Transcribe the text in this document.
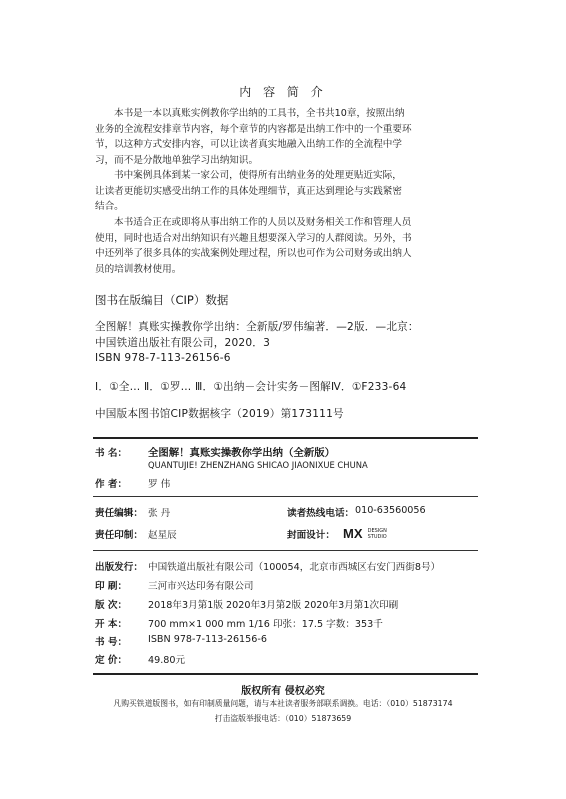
内 容 简 介
本书是一本以真账实例教你学出纳的工具书，全书共10章，按照出纳
业务的全流程安排章节内容，每个章节的内容都是出纳工作中的一个重要环
节，以这种方式安排内容，可以让读者真实地融入出纳工作的全流程中学
习，而不是分散地单独学习出纳知识。
书中案例具体到某一家公司，使得所有出纳业务的处理更贴近实际，
让读者更能切实感受出纳工作的具体处理细节，真正达到理论与实践紧密
结合。
本书适合正在或即将从事出纳工作的人员以及财务相关工作和管理人员
使用，同时也适合对出纳知识有兴趣且想要深入学习的人群阅读。另外，书
中还列举了很多具体的实战案例处理过程，所以也可作为公司财务或出纳人
员的培训教材使用。
图书在版编目（CIP）数据
全图解！真账实操教你学出纳：全新版/罗伟编著．—2版．—北京：
中国铁道出版社有限公司，2020．3
ISBN 978-7-113-26156-6
Ⅰ．①全… Ⅱ．①罗… Ⅲ．①出纳－会计实务－图解Ⅳ．①F233-64
中国版本图书馆CIP数据核字（2019）第173111号
书 名： 全图解！真账实操教你学出纳（全新版）
QUANTUJIE! ZHENZHANG SHICAO JIAONIXUE CHUNA
作 者： 罗 伟
责任编辑： 张 丹	读者热线电话： 010-63560056
责任印制： 赵星辰	封面设计： MX DESIGN
STUDIO
出版发行： 中国铁道出版社有限公司（100054，北京市西城区右安门西街8号）
印 刷： 三河市兴达印务有限公司
版 次： 2018年3月第1版 2020年3月第2版 2020年3月第1次印刷
开 本： 700 mm×1 000 mm 1/16 印张：17.5 字数：353千
书 号： ISBN 978-7-113-26156-6
定 价： 49.80元
版权所有 侵权必究
凡购买铁道版图书，如有印制质量问题，请与本社读者服务部联系调换。电话：（010）51873174
打击盗版举报电话：（010）51873659
